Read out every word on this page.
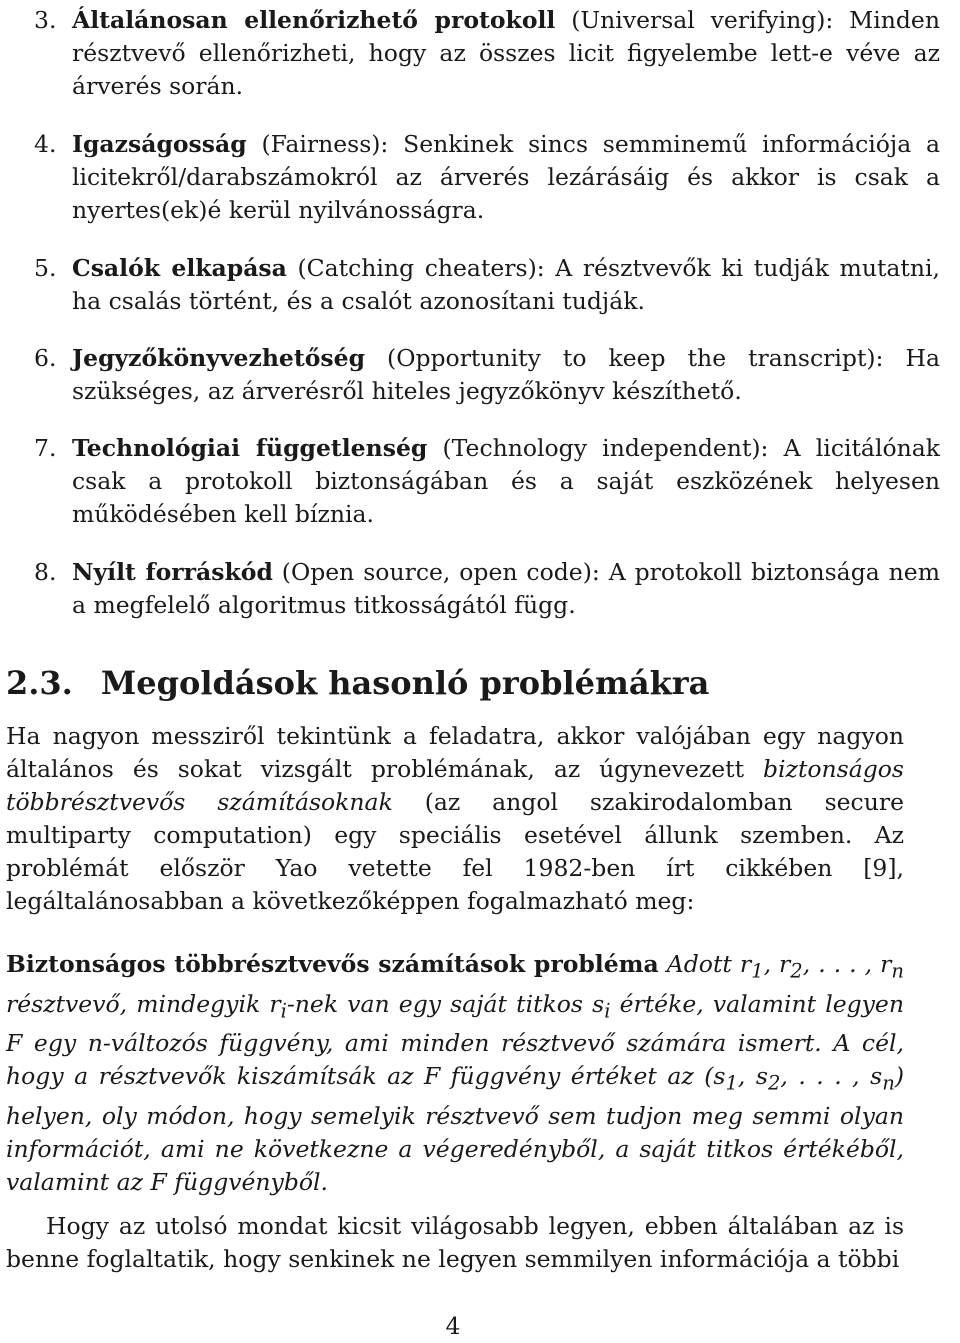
3. Általánosan ellenőrizhető protokoll (Universal verifying): Minden résztvevő ellenőrizheti, hogy az összes licit figyelembe lett-e véve az árverés során.
4. Igazságosság (Fairness): Senkinek sincs semminemű információja a licitekről/darabszámokról az árverés lezárásáig és akkor is csak a nyertes(ek)é kerül nyilvánosságra.
5. Csalók elkapása (Catching cheaters): A résztvevők ki tudják mutatni, ha csalás történt, és a csalót azonosítani tudják.
6. Jegyzőkönyvezhetőség (Opportunity to keep the transcript): Ha szükséges, az árverésről hiteles jegyzőkönyv készíthető.
7. Technológiai függetlenség (Technology independent): A licitálónak csak a protokoll biztonságában és a saját eszközének helyesen működésében kell bíznia.
8. Nyílt forráskód (Open source, open code): A protokoll biztonsága nem a megfelelő algoritmus titkosságától függ.
2.3. Megoldások hasonló problémákra
Ha nagyon messziről tekintünk a feladatra, akkor valójában egy nagyon általános és sokat vizsgált problémának, az úgynevezett biztonságos többrésztvevős számításoknak (az angol szakirodalomban secure multiparty computation) egy speciális esetével állunk szemben. Az problémát először Yao vetette fel 1982-ben írt cikkében [9], legáltalánosabban a következőképpen fogalmazható meg:
Biztonságos többrésztvevős számítások probléma Adott $r_1$, $r_2$, . . . , $r_n$ résztvevő, mindegyik $r_i$-nek van egy saját titkos $s_i$ értéke, valamint legyen F egy n-változós függvény, ami minden résztvevő számára ismert. A cél, hogy a résztvevők kiszámítsák az F függvény értéket az ($s_1$, $s_2$, . . . , $s_n$) helyen, oly módon, hogy semelyik résztvevő sem tudjon meg semmi olyan információt, ami ne következne a végeredényből, a saját titkos értékéből, valamint az F függvényből.
Hogy az utolsó mondat kicsit világosabb legyen, ebben általában az is benne foglaltatik, hogy senkinek ne legyen semmilyen információja a többi
4
